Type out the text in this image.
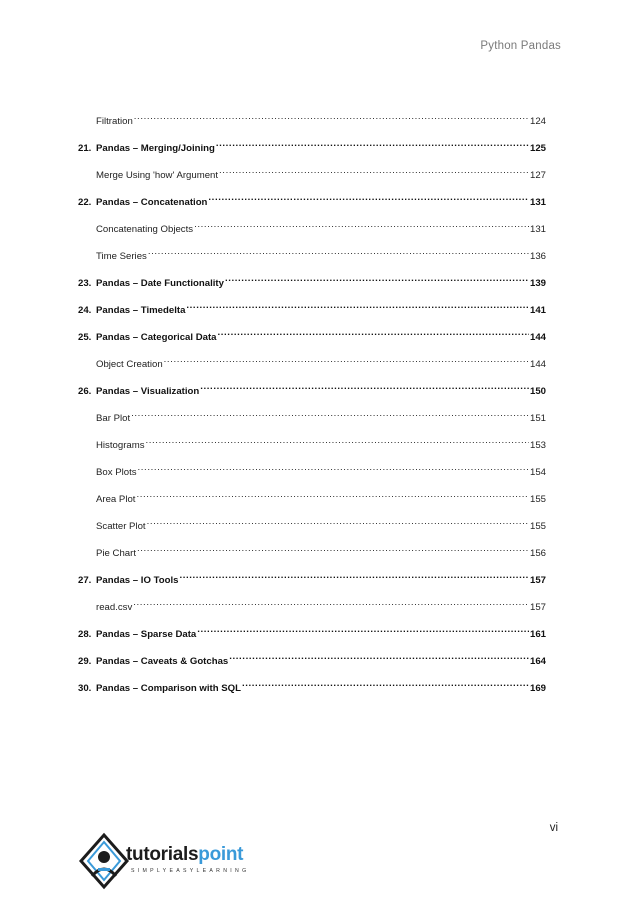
Python Pandas
Filtration .....	124
21. Pandas – Merging/Joining .....	125
Merge Using 'how' Argument .....	127
22. Pandas – Concatenation .....	131
Concatenating Objects .....	131
Time Series .....	136
23. Pandas – Date Functionality .....	139
24. Pandas – Timedelta .....	141
25. Pandas – Categorical Data .....	144
Object Creation .....	144
26. Pandas – Visualization .....	150
Bar Plot .....	151
Histograms .....	153
Box Plots .....	154
Area Plot .....	155
Scatter Plot .....	155
Pie Chart .....	156
27. Pandas – IO Tools .....	157
read.csv .....	157
28. Pandas – Sparse Data .....	161
29. Pandas – Caveats & Gotchas .....	164
30. Pandas – Comparison with SQL .....	169
vi
tutorialspoint
SIMPLYEASYLEARNING
